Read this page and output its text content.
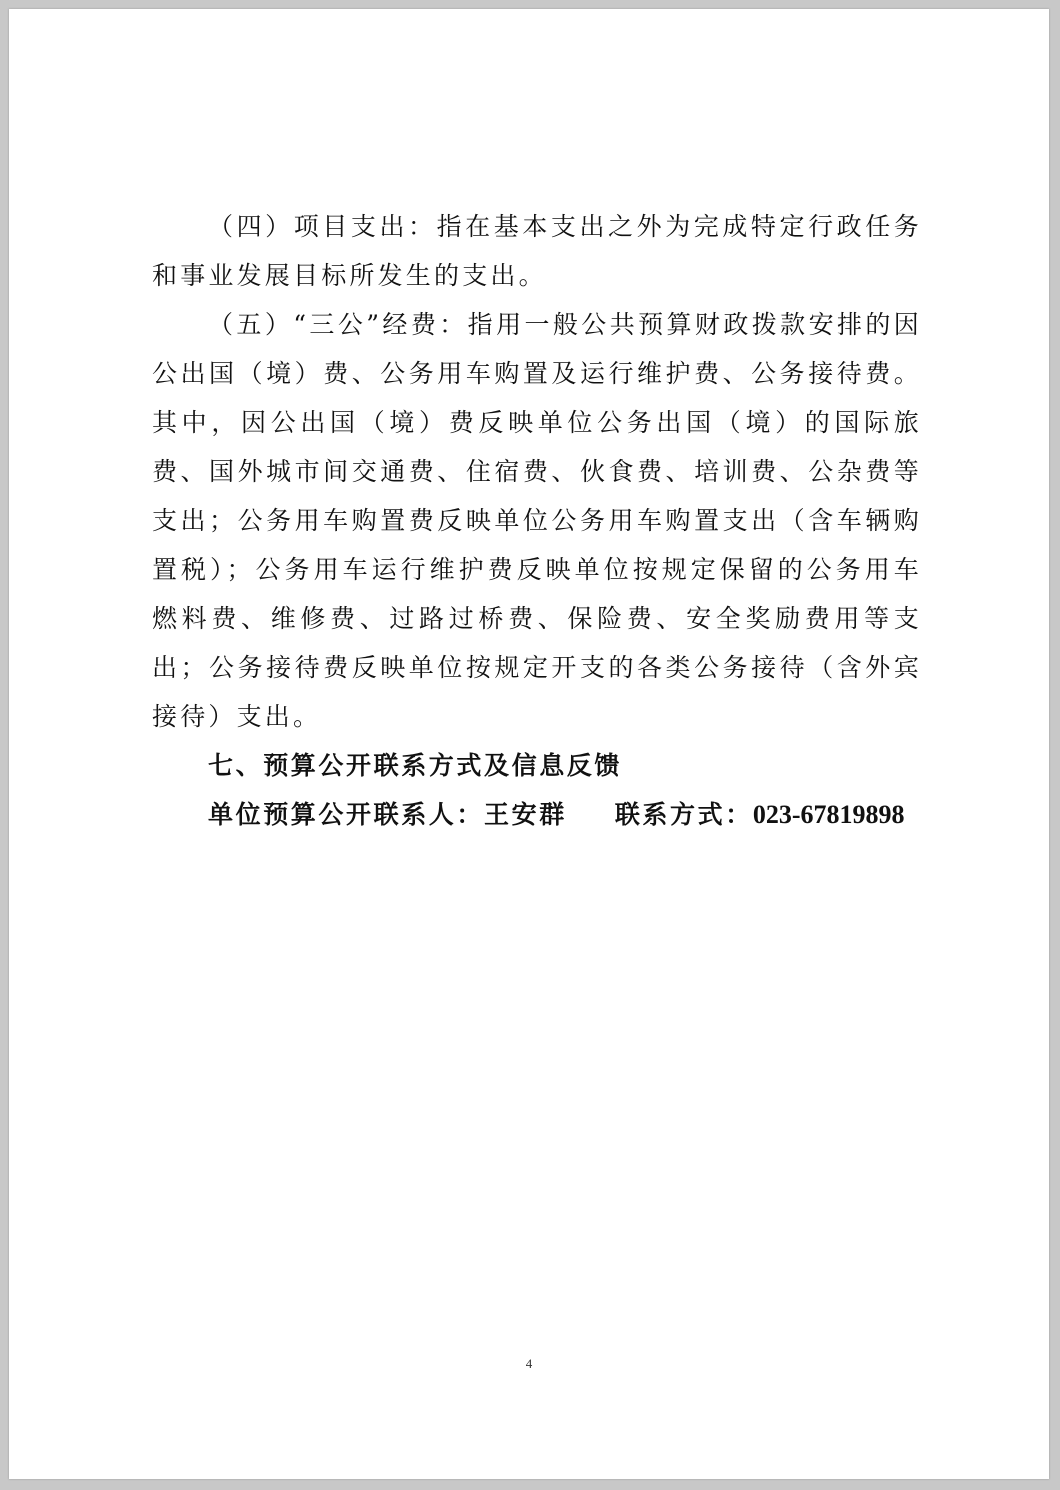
（四）项目支出：指在基本支出之外为完成特定行政任务和事业发展目标所发生的支出。

（五）“三公”经费：指用一般公共预算财政拨款安排的因公出国（境）费、公务用车购置及运行维护费、公务接待费。其中，因公出国（境）费反映单位公务出国（境）的国际旅费、国外城市间交通费、住宿费、伙食费、培训费、公杂费等支出；公务用车购置费反映单位公务用车购置支出（含车辆购置税）；公务用车运行维护费反映单位按规定保留的公务用车燃料费、维修费、过路过桥费、保险费、安全奖励费用等支出；公务接待费反映单位按规定开支的各类公务接待（含外宾接待）支出。

七、预算公开联系方式及信息反馈

单位预算公开联系人：王安群 联系方式：023-67819898

4
